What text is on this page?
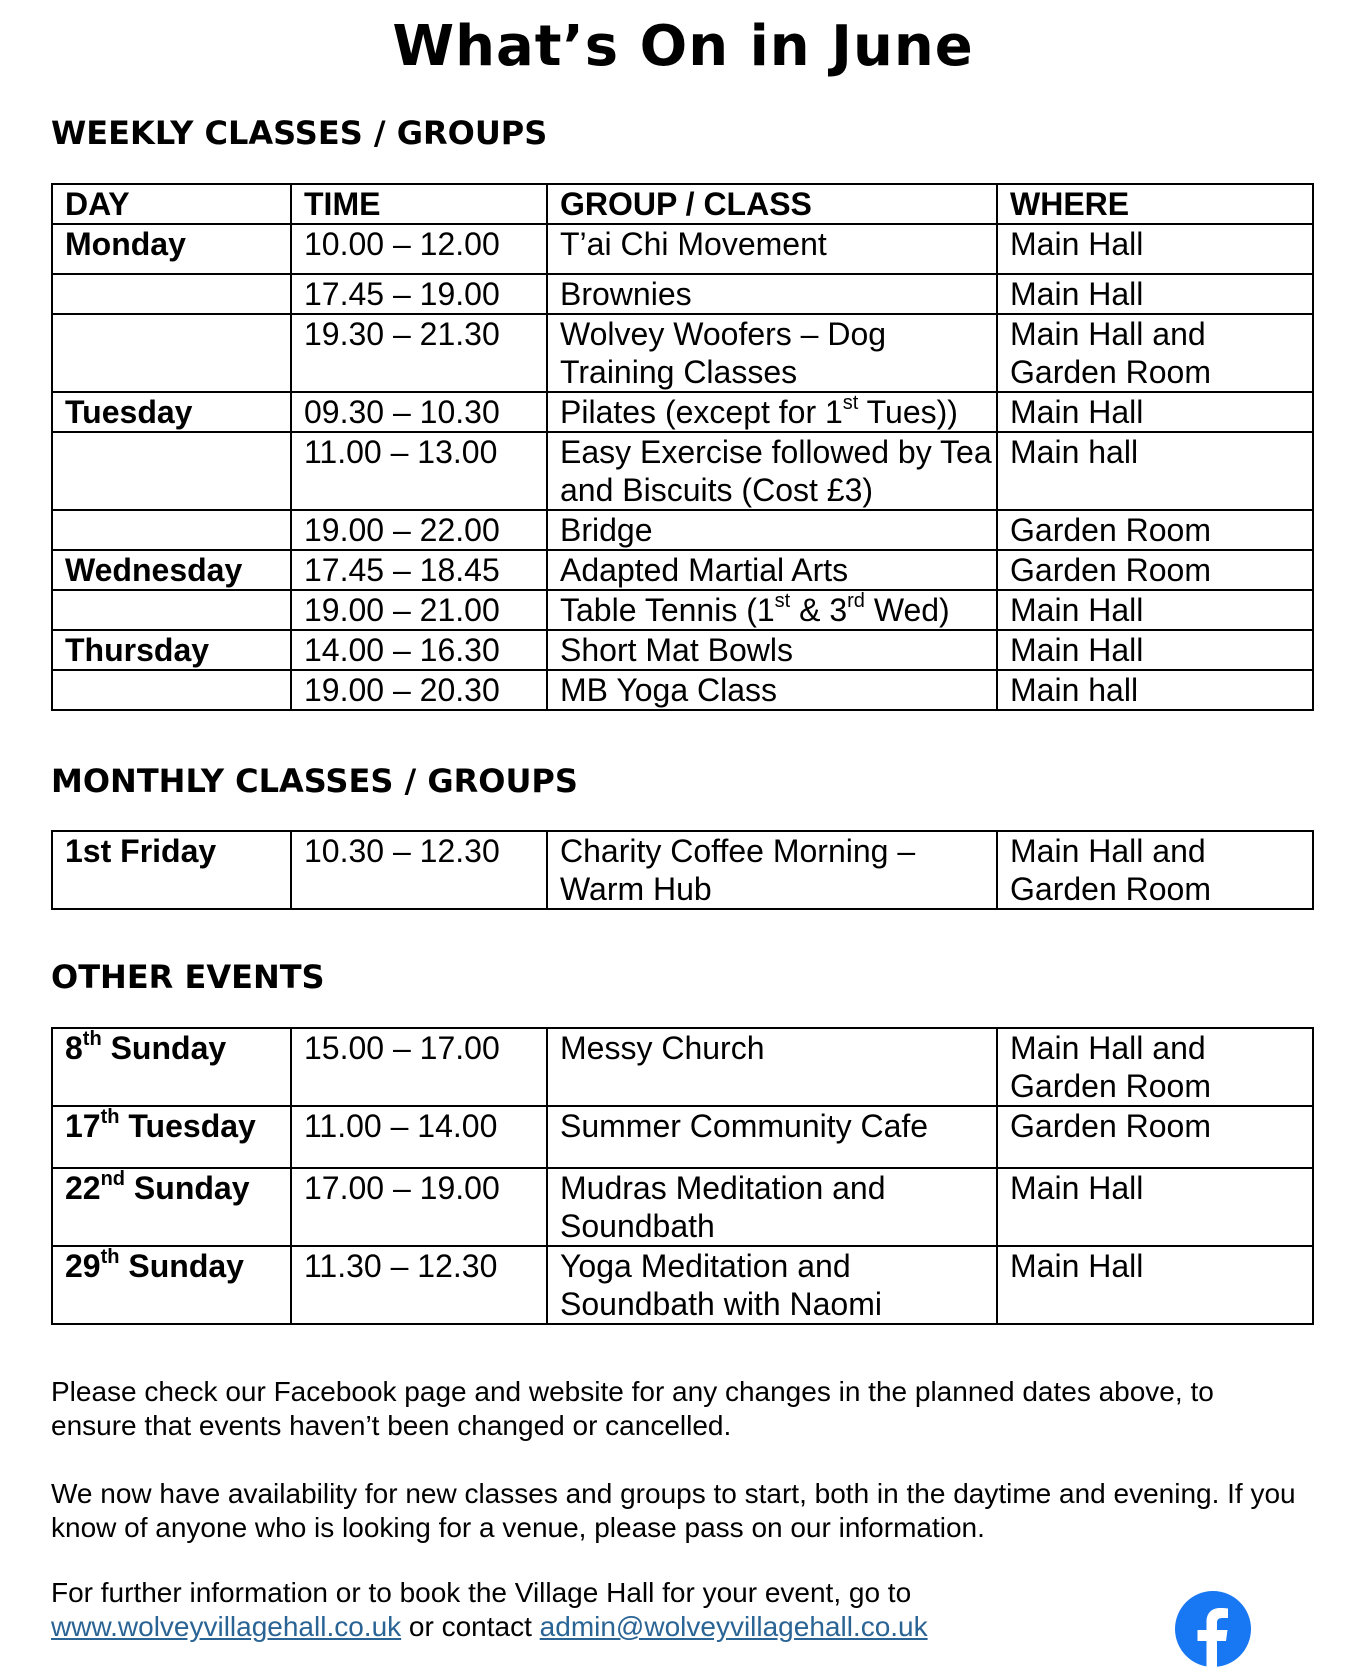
What’s On in June
WEEKLY CLASSES / GROUPS
DAY	TIME	GROUP / CLASS	WHERE
Monday	10.00 – 12.00	T’ai Chi Movement	Main Hall
	17.45 – 19.00	Brownies	Main Hall
	19.30 – 21.30	Wolvey Woofers – Dog Training Classes	Main Hall and Garden Room
Tuesday	09.30 – 10.30	Pilates (except for 1st Tues))	Main Hall
	11.00 – 13.00	Easy Exercise followed by Tea and Biscuits (Cost £3)	Main hall
	19.00 – 22.00	Bridge	Garden Room
Wednesday	17.45 – 18.45	Adapted Martial Arts	Garden Room
	19.00 – 21.00	Table Tennis (1st & 3rd Wed)	Main Hall
Thursday	14.00 – 16.30	Short Mat Bowls	Main Hall
	19.00 – 20.30	MB Yoga Class	Main hall
MONTHLY CLASSES / GROUPS
1st Friday	10.30 – 12.30	Charity Coffee Morning – Warm Hub	Main Hall and Garden Room
OTHER EVENTS
8th Sunday	15.00 – 17.00	Messy Church	Main Hall and Garden Room
17th Tuesday	11.00 – 14.00	Summer Community Cafe	Garden Room
22nd Sunday	17.00 – 19.00	Mudras Meditation and Soundbath	Main Hall
29th Sunday	11.30 – 12.30	Yoga Meditation and Soundbath with Naomi	Main Hall

Please check our Facebook page and website for any changes in the planned dates above, to ensure that events haven’t been changed or cancelled.

We now have availability for new classes and groups to start, both in the daytime and evening. If you know of anyone who is looking for a venue, please pass on our information.

For further information or to book the Village Hall for your event, go to
www.wolveyvillagehall.co.uk or contact admin@wolveyvillagehall.co.uk
